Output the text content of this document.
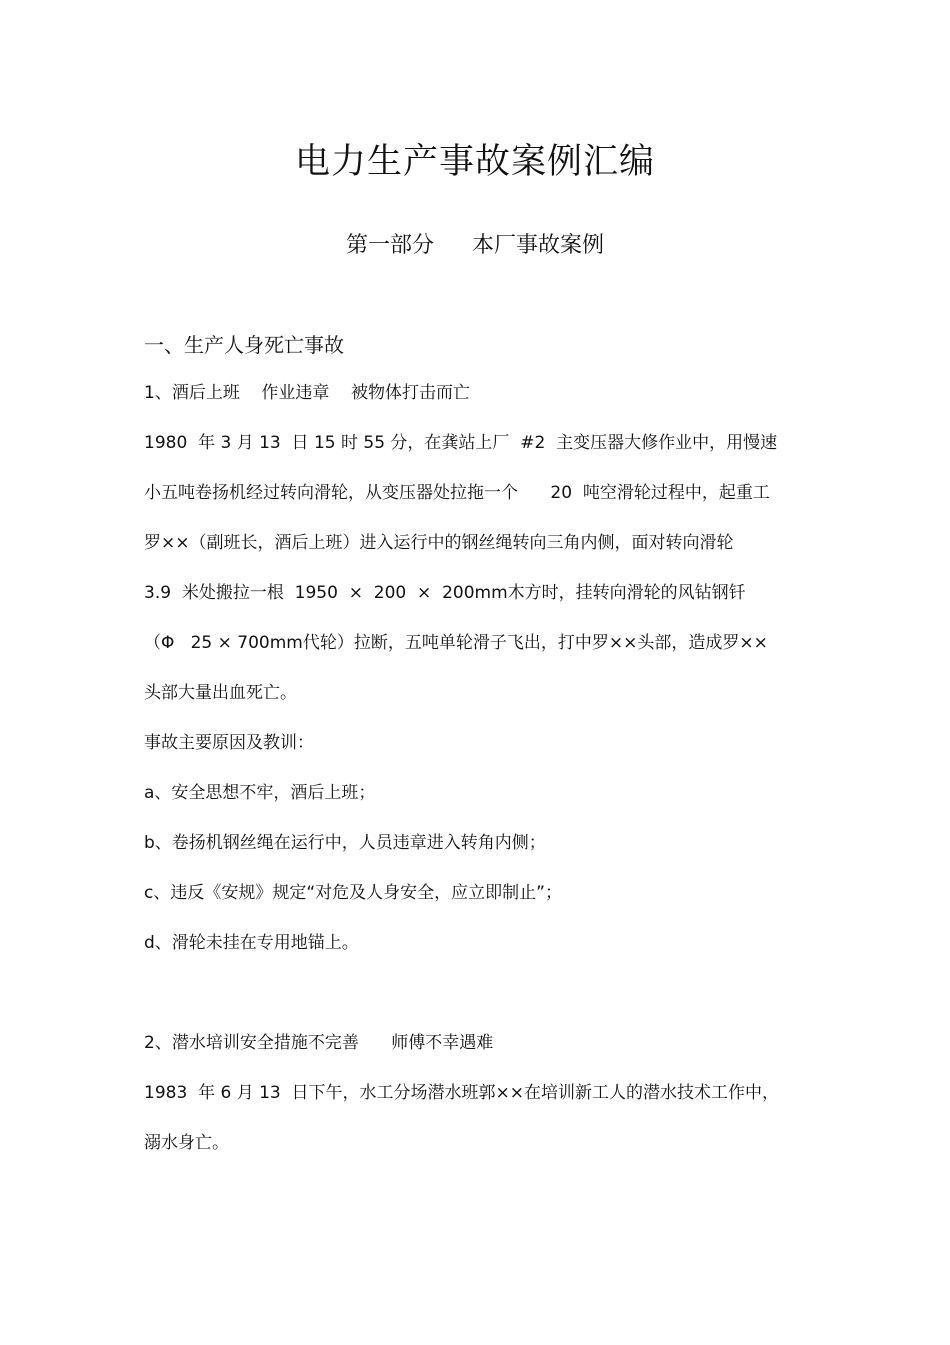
电力生产事故案例汇编
第一部分 本厂事故案例

一、生产人身死亡事故

1、酒后上班    作业违章    被物体打击而亡

1980  年 3 月 13  日 15 时 55 分，在龚站上厂  #2  主变压器大修作业中，用慢速

小五吨卷扬机经过转向滑轮，从变压器处拉拖一个      20  吨空滑轮过程中，起重工

罗××（副班长，酒后上班）进入运行中的钢丝绳转向三角内侧，面对转向滑轮

3.9  米处搬拉一根  1950  ×  200  ×  200mm木方时，挂转向滑轮的风钻钢钎

（Φ   25 × 700mm代轮）拉断，五吨单轮滑子飞出，打中罗××头部，造成罗××

头部大量出血死亡。

事故主要原因及教训：

a、安全思想不牢，酒后上班；

b、卷扬机钢丝绳在运行中，人员违章进入转角内侧；

c、违反《安规》规定“对危及人身安全，应立即制止”；

d、滑轮未挂在专用地锚上。

2、潜水培训安全措施不完善      师傅不幸遇难

1983  年 6 月 13  日下午，水工分场潜水班郭××在培训新工人的潜水技术工作中，

溺水身亡。
